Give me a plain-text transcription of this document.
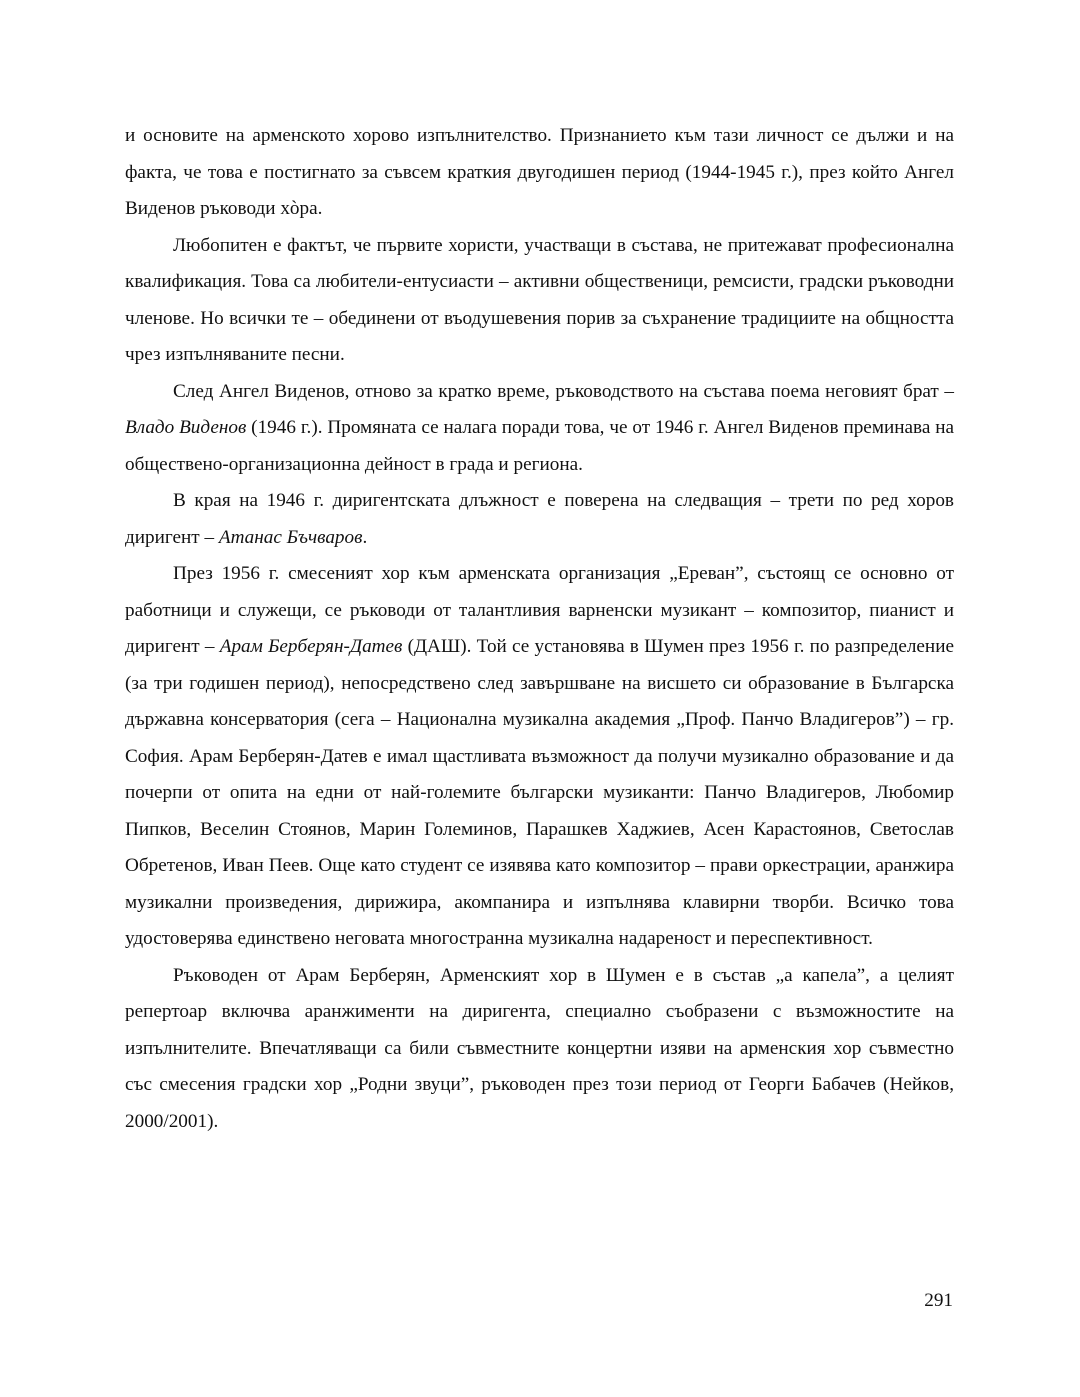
и основите на арменското хорово изпълнителство. Признанието към тази личност се дължи и на факта, че това е постигнато за съвсем краткия двугодишен период (1944-1945 г.), през който Ангел Виденов ръководи хòра.

Любопитен е фактът, че първите хористи, участващи в състава, не притежават професионална квалификация. Това са любители-ентусиасти – активни общественици, ремсисти, градски ръководни членове. Но всички те – обединени от въодушевения порив за съхранение традициите на общността чрез изпълняваните песни.

След Ангел Виденов, отново за кратко време, ръководството на състава поема неговият брат – Владо Виденов (1946 г.). Промяната се налага поради това, че от 1946 г. Ангел Виденов преминава на обществено-организационна дейност в града и региона.

В края на 1946 г. диригентската длъжност е поверена на следващия – трети по ред хоров диригент – Атанас Бъчваров.

През 1956 г. смесеният хор към арменската организация „Ереван”, състоящ се основно от работници и служещи, се ръководи от талантливия варненски музикант – композитор, пианист и диригент – Арам Берберян-Датев (ДАШ). Той се установява в Шумен през 1956 г. по разпределение (за три годишен период), непосредствено след завършване на висшето си образование в Българска държавна консерватория (сега – Национална музикална академия „Проф. Панчо Владигеров”) – гр. София. Арам Берберян-Датев е имал щастливата възможност да получи музикално образование и да почерпи от опита на едни от най-големите български музиканти: Панчо Владигеров, Любомир Пипков, Веселин Стоянов, Марин Големинов, Парашкев Хаджиев, Асен Карастоянов, Светослав Обретенов, Иван Пеев. Още като студент се изявява като композитор – прави оркестрации, аранжира музикални произведения, дирижира, акомпанира и изпълнява клавирни творби. Всичко това удостоверява единствено неговата многостранна музикална надареност и переспективност.

Ръководен от Арам Берберян, Арменският хор в Шумен е в състав „а капела”, а целият репертоар включва аранжименти на диригента, специално съобразени с възможностите на изпълнителите. Впечатляващи са били съвместните концертни изяви на арменския хор съвместно със смесения градски хор „Родни звуци”, ръководен през този период от Георги Бабачев (Нейков, 2000/2001).

291
